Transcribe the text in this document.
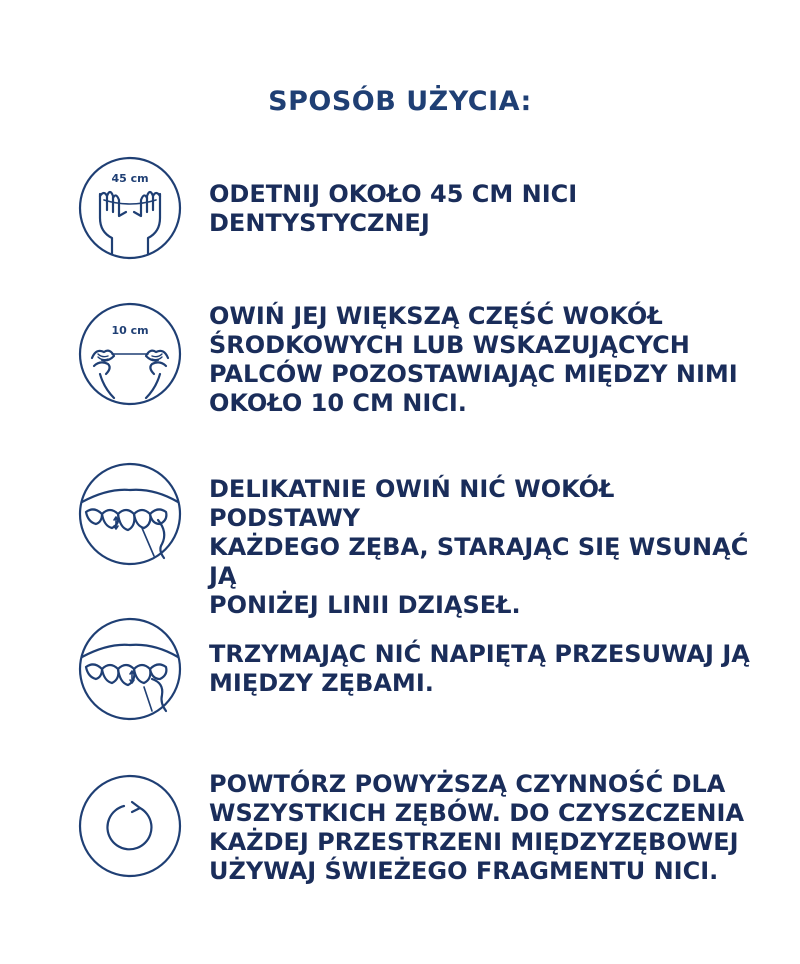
SPOSÓB UŻYCIA:
45 cm

ODETNIJ OKOŁO 45 CM NICI
DENTYSTYCZNEJ

10 cm

OWIŃ JEJ WIĘKSZĄ CZĘŚĆ WOKÓŁ
ŚRODKOWYCH LUB WSKAZUJĄCYCH
PALCÓW POZOSTAWIAJĄC MIĘDZY NIMI
OKOŁO 10 CM NICI.

DELIKATNIE OWIŃ NIĆ WOKÓŁ PODSTAWY
KAŻDEGO ZĘBA, STARAJĄC SIĘ WSUNĄĆ JĄ
PONIŻEJ LINII DZIĄSEŁ.

TRZYMAJĄC NIĆ NAPIĘTĄ PRZESUWAJ JĄ
MIĘDZY ZĘBAMI.

POWTÓRZ POWYŻSZĄ CZYNNOŚĆ DLA
WSZYSTKICH ZĘBÓW. DO CZYSZCZENIA
KAŻDEJ PRZESTRZENI MIĘDZYZĘBOWEJ
UŻYWAJ ŚWIEŻEGO FRAGMENTU NICI.
